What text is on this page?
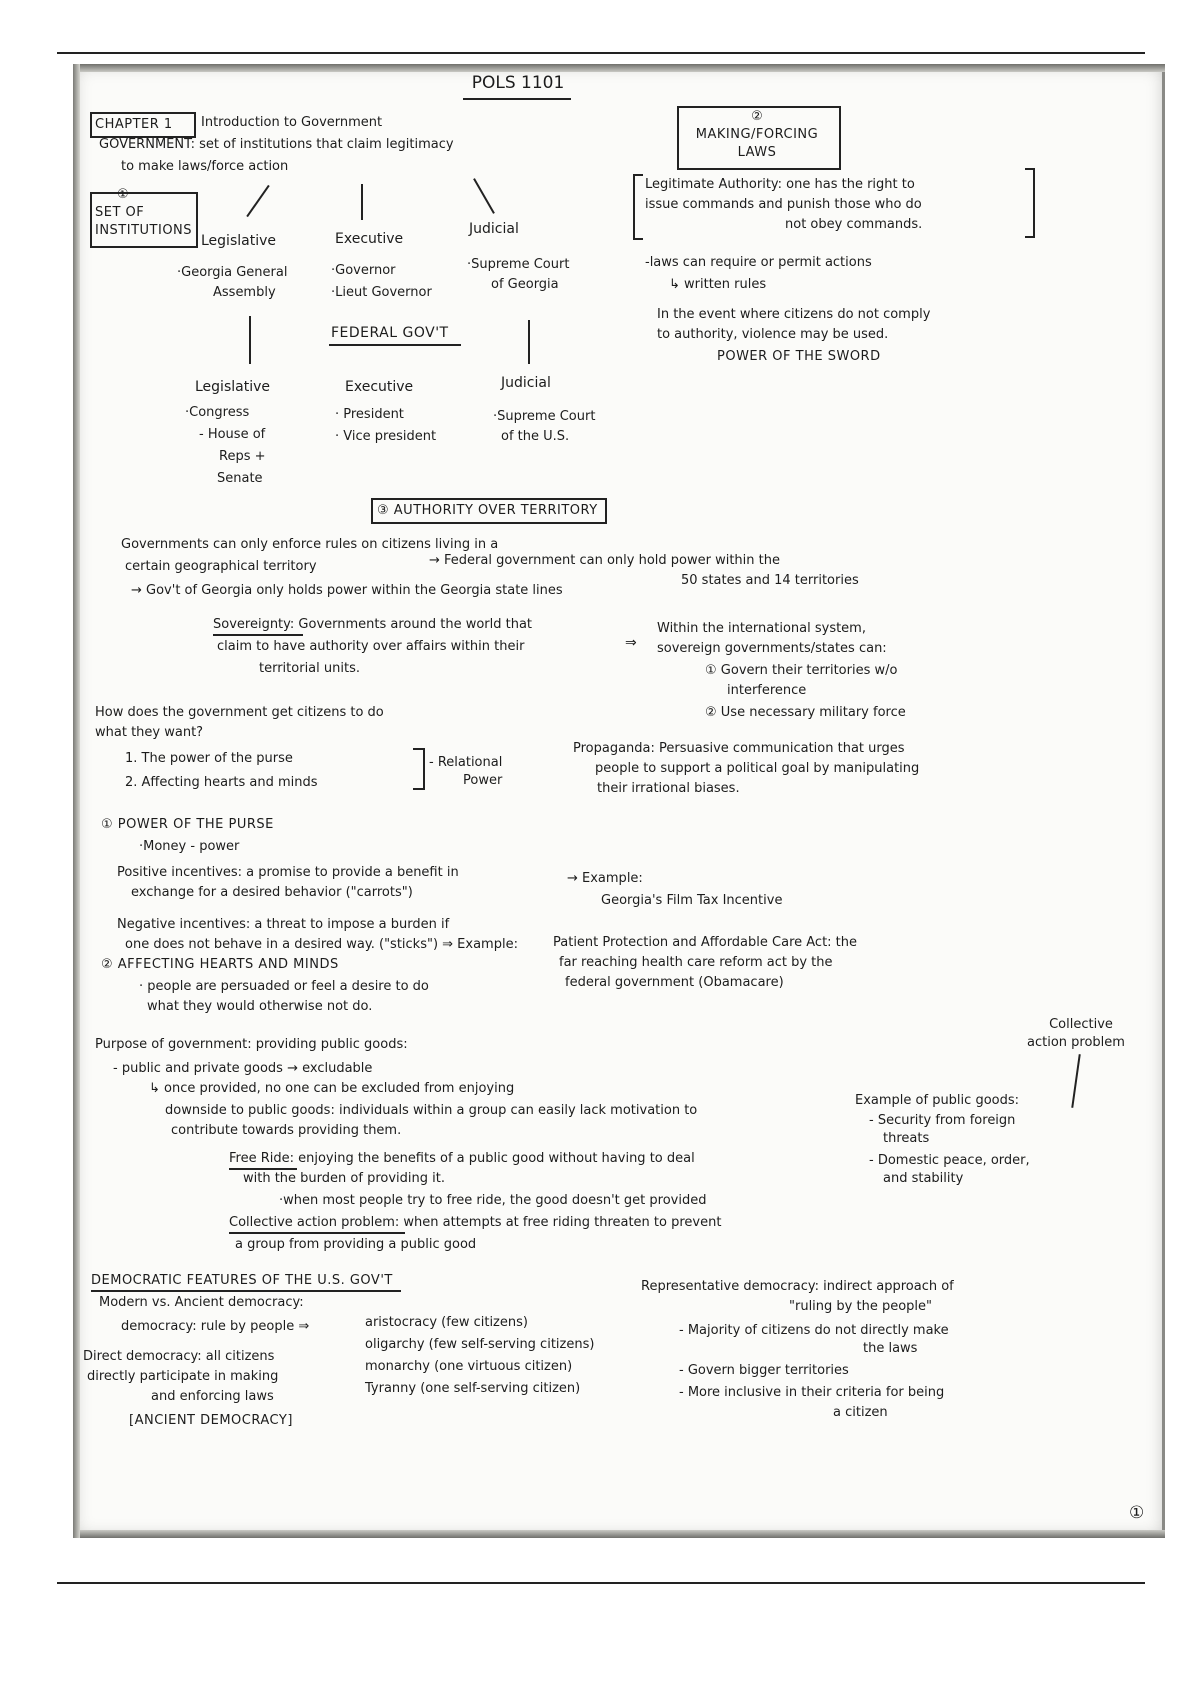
POLS 1101
CHAPTER 1 Introduction to Government
GOVERNMENT: set of institutions that claim legitimacy
to make laws/force action
①
SET OF
INSTITUTIONS
Legislative	Executive
Judicial
·Georgia General
Assembly
·Governor
·Lieut Governor
·Supreme Court
of Georgia
FEDERAL GOV'T
Legislative
·Congress
- House of
Reps +
Senate
Executive
· President
· Vice president
Judicial
·Supreme Court
of the U.S.
②
MAKING/FORCING
LAWS
Legitimate Authority: one has the right to
issue commands and punish those who do
not obey commands.
-laws can require or permit actions
↳ written rules
In the event where citizens do not comply
to authority, violence may be used.
POWER OF THE SWORD
③ AUTHORITY OVER TERRITORY
Governments can only enforce rules on citizens living in a
certain geographical territory	→ Federal government can only hold power within the
50 states and 14 territories
→ Gov't of Georgia only holds power within the Georgia state lines
Sovereignty: Governments around the world that
claim to have authority over affairs within their
territorial units.
⇒
Within the international system,
sovereign governments/states can:
① Govern their territories w/o
interference
② Use necessary military force
How does the government get citizens to do
what they want?
1. The power of the purse
2. Affecting hearts and minds
- Relational
Power
Propaganda: Persuasive communication that urges
people to support a political goal by manipulating
their irrational biases.
① POWER OF THE PURSE
·Money - power
Positive incentives: a promise to provide a benefit in
exchange for a desired behavior ("carrots")
→ Example:
Georgia's Film Tax Incentive
Negative incentives: a threat to impose a burden if
one does not behave in a desired way. ("sticks") ⇒ Example:	Patient Protection and Affordable Care Act: the
far reaching health care reform act by the
federal government (Obamacare)
② AFFECTING HEARTS AND MINDS
· people are persuaded or feel a desire to do
what they would otherwise not do.
Purpose of government: providing public goods:
- public and private goods → excludable
↳ once provided, no one can be excluded from enjoying
downside to public goods: individuals within a group can easily lack motivation to
contribute towards providing them.
Free Ride: enjoying the benefits of a public good without having to deal
with the burden of providing it.
·when most people try to free ride, the good doesn't get provided
Collective action problem: when attempts at free riding threaten to prevent
a group from providing a public good
Collective
action problem
Example of public goods:
- Security from foreign
threats
- Domestic peace, order,
and stability
DEMOCRATIC FEATURES OF THE U.S. GOV'T
Modern vs. Ancient democracy:
democracy: rule by people ⇒	aristocracy (few citizens)
oligarchy (few self-serving citizens)
monarchy (one virtuous citizen)
Tyranny (one self-serving citizen)
Direct democracy: all citizens
directly participate in making
and enforcing laws
[ANCIENT DEMOCRACY]
Representative democracy: indirect approach of
"ruling by the people"
- Majority of citizens do not directly make
the laws
- Govern bigger territories
- More inclusive in their criteria for being
a citizen
①
